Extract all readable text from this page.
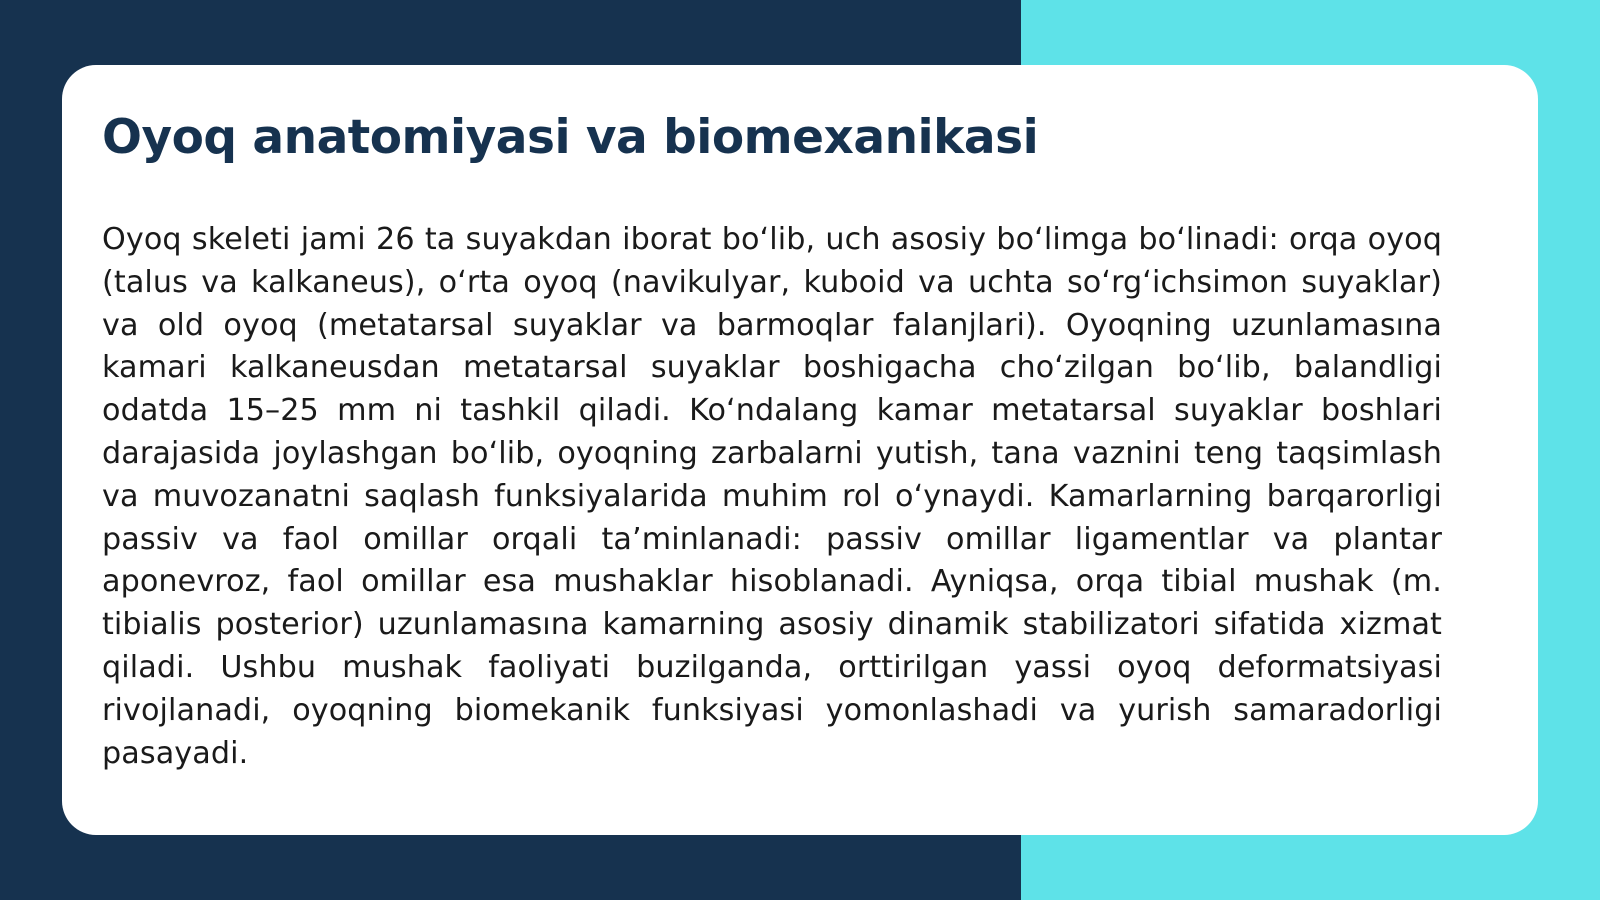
Oyoq anatomiyasi va biomexanikasi

Oyoq skeleti jami 26 ta suyakdan iborat bo‘lib, uch asosiy bo‘limga bo‘linadi: orqa oyoq (talus va kalkaneus), o‘rta oyoq (navikulyar, kuboid va uchta so‘rg‘ichsimon suyaklar) va old oyoq (metatarsal suyaklar va barmoqlar falanjlari). Oyoqning uzunlamasına kamari kalkaneusdan metatarsal suyaklar boshigacha cho‘zilgan bo‘lib, balandligi odatda 15–25 mm ni tashkil qiladi. Ko‘ndalang kamar metatarsal suyaklar boshlari darajasida joylashgan bo‘lib, oyoqning zarbalarni yutish, tana vaznini teng taqsimlash va muvozanatni saqlash funksiyalarida muhim rol o‘ynaydi. Kamarlarning barqarorligi passiv va faol omillar orqali ta’minlanadi: passiv omillar ligamentlar va plantar aponevroz, faol omillar esa mushaklar hisoblanadi. Ayniqsa, orqa tibial mushak (m. tibialis posterior) uzunlamasına kamarning asosiy dinamik stabilizatori sifatida xizmat qiladi. Ushbu mushak faoliyati buzilganda, orttirilgan yassi oyoq deformatsiyasi rivojlanadi, oyoqning biomekanik funksiyasi yomonlashadi va yurish samaradorligi pasayadi.
